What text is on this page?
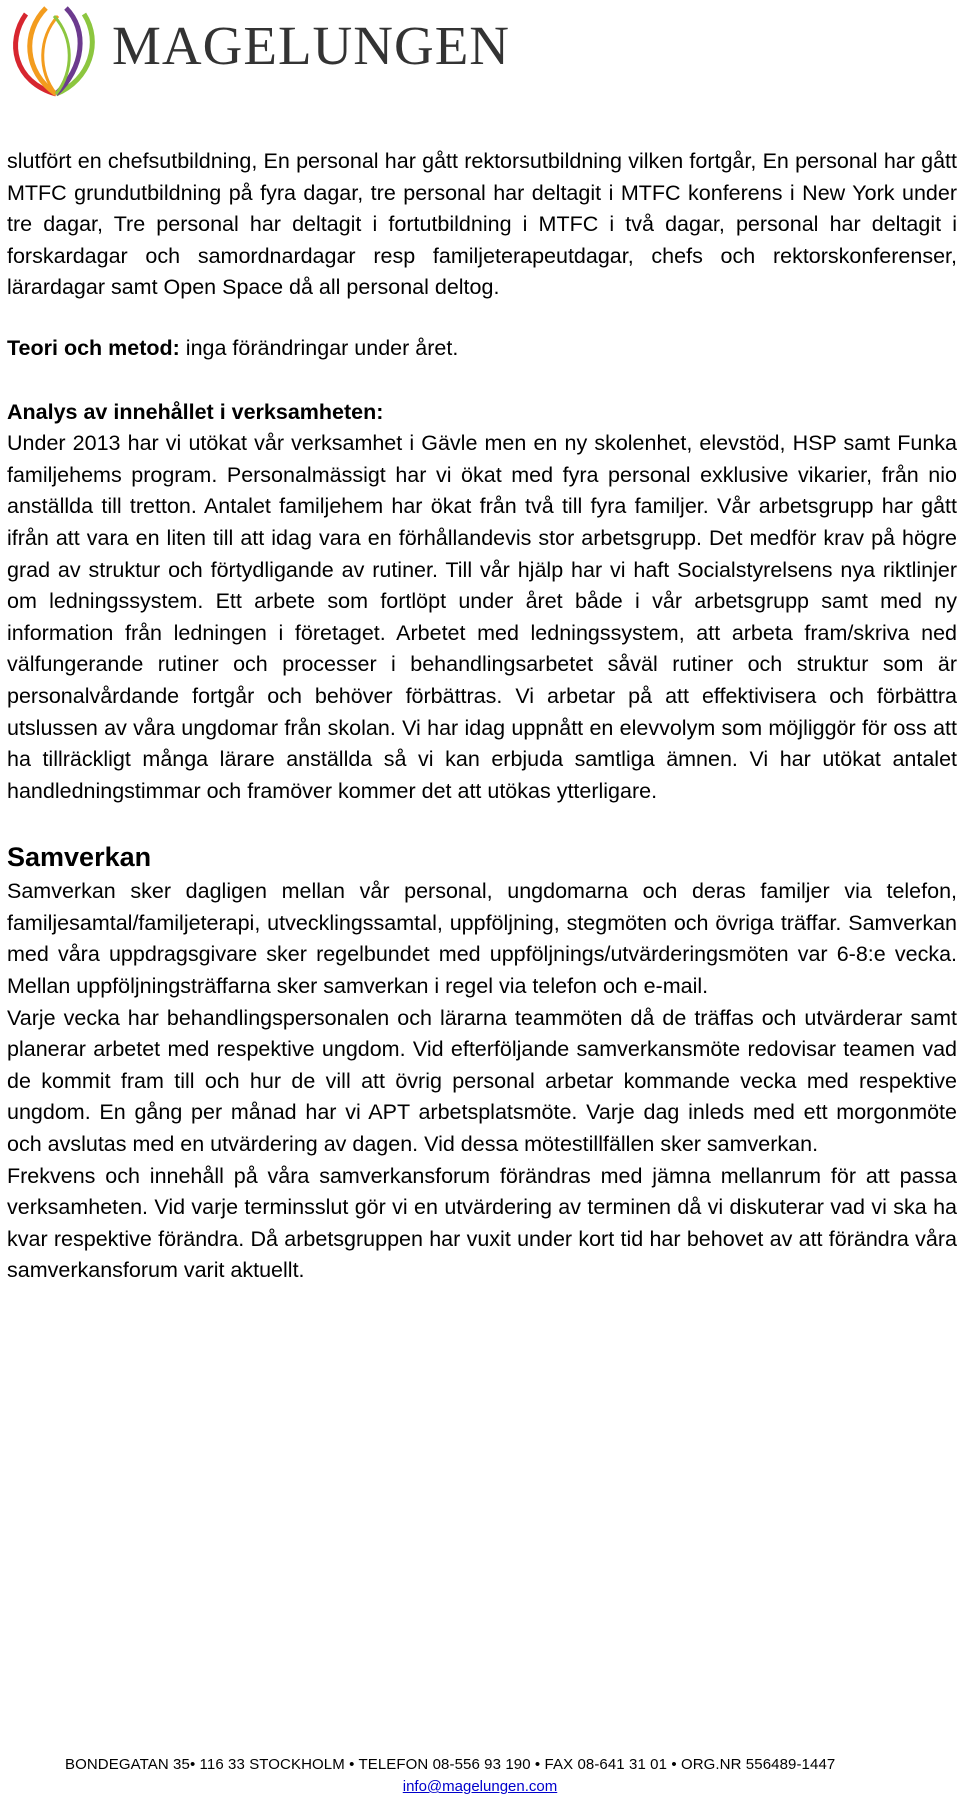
MAGELUNGEN

slutfört en chefsutbildning, En personal har gått rektorsutbildning vilken fortgår, En personal har gått MTFC grundutbildning på fyra dagar, tre personal har deltagit i MTFC konferens i New York under tre dagar, Tre personal har deltagit i fortutbildning i MTFC i två dagar, personal har deltagit i forskardagar och samordnardagar resp familjeterapeutdagar, chefs och rektorskonferenser, lärardagar samt Open Space då all personal deltog.

Teori och metod: inga förändringar under året.

Analys av innehållet i verksamheten:

Under 2013 har vi utökat vår verksamhet i Gävle men en ny skolenhet, elevstöd, HSP samt Funka familjehems program. Personalmässigt har vi ökat med fyra personal exklusive vikarier, från nio anställda till tretton. Antalet familjehem har ökat från två till fyra familjer. Vår arbetsgrupp har gått ifrån att vara en liten till att idag vara en förhållandevis stor arbetsgrupp. Det medför krav på högre grad av struktur och förtydligande av rutiner. Till vår hjälp har vi haft Socialstyrelsens nya riktlinjer om ledningssystem. Ett arbete som fortlöpt under året både i vår arbetsgrupp samt med ny information från ledningen i företaget. Arbetet med ledningssystem, att arbeta fram/skriva ned välfungerande rutiner och processer i behandlingsarbetet såväl rutiner och struktur som är personalvårdande fortgår och behöver förbättras. Vi arbetar på att effektivisera och förbättra utslussen av våra ungdomar från skolan. Vi har idag uppnått en elevvolym som möjliggör för oss att ha tillräckligt många lärare anställda så vi kan erbjuda samtliga ämnen. Vi har utökat antalet handledningstimmar och framöver kommer det att utökas ytterligare.

Samverkan

Samverkan sker dagligen mellan vår personal, ungdomarna och deras familjer via telefon, familjesamtal/familjeterapi, utvecklingssamtal, uppföljning, stegmöten och övriga träffar. Samverkan med våra uppdragsgivare sker regelbundet med uppföljnings/utvärderingsmöten var 6-8:e vecka. Mellan uppföljningsträffarna sker samverkan i regel via telefon och e-mail.

Varje vecka har behandlingspersonalen och lärarna teammöten då de träffas och utvärderar samt planerar arbetet med respektive ungdom. Vid efterföljande samverkansmöte redovisar teamen vad de kommit fram till och hur de vill att övrig personal arbetar kommande vecka med respektive ungdom. En gång per månad har vi APT arbetsplatsmöte. Varje dag inleds med ett morgonmöte och avslutas med en utvärdering av dagen. Vid dessa mötestillfällen sker samverkan.

Frekvens och innehåll på våra samverkansforum förändras med jämna mellanrum för att passa verksamheten. Vid varje terminsslut gör vi en utvärdering av terminen då vi diskuterar vad vi ska ha kvar respektive förändra. Då arbetsgruppen har vuxit under kort tid har behovet av att förändra våra samverkansforum varit aktuellt.

BONDEGATAN 35• 116 33 STOCKHOLM • TELEFON 08-556 93 190 • FAX 08-641 31 01 • ORG.NR 556489-1447
info@magelungen.com
